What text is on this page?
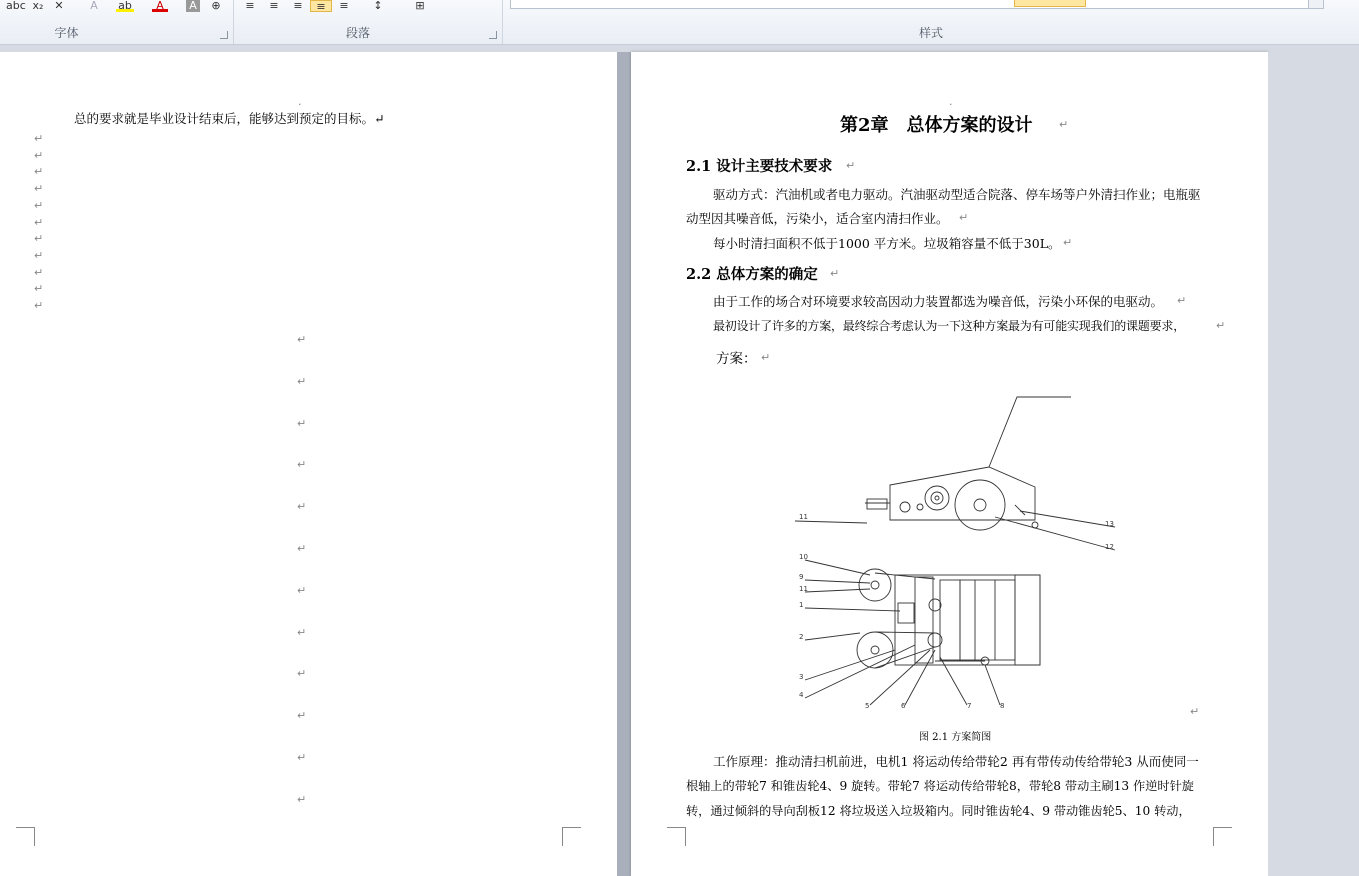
abc x₂ ✕	A	ab	A	A	⊕
字体
≡	≡	≡	≡	≡	↕	⊞
段落	样式
.
总的要求就是毕业设计结束后，能够达到预定的目标。↵
↵
↵
↵
↵
↵
↵
↵
↵
↵
↵
↵
↵
↵
↵
↵
↵
↵
↵
↵
↵
↵
↵
↵
.
第2章　总体方案的设计 ↵
2.1 设计主要技术要求 ↵
驱动方式：汽油机或者电力驱动。汽油驱动型适合院落、停车场等户外清扫作业；电瓶驱
动型因其噪音低，污染小，适合室内清扫作业。 ↵
每小时清扫面积不低于1000 平方米。垃圾箱容量不低于30L。 ↵
2.2 总体方案的确定 ↵
由于工作的场合对环境要求较高因动力装置都选为噪音低，污染小环保的电驱动。 ↵
最初设计了许多的方案，最终综合考虑认为一下这种方案最为有可能实现我们的课题要求，	↵
方案： ↵
↵
图 2.1 方案简图
工作原理：推动清扫机前进，电机1 将运动传给带轮2 再有带传动传给带轮3 从而使同一
根轴上的带轮7 和锥齿轮4、9 旋转。带轮7 将运动传给带轮8，带轮8 带动主刷13 作逆时针旋
转，通过倾斜的导向刮板12 将垃圾送入垃圾箱内。同时锥齿轮4、9 带动锥齿轮5、10 转动，
11
13
12
10
9
11
1
2
3
4
5	6	7	8
